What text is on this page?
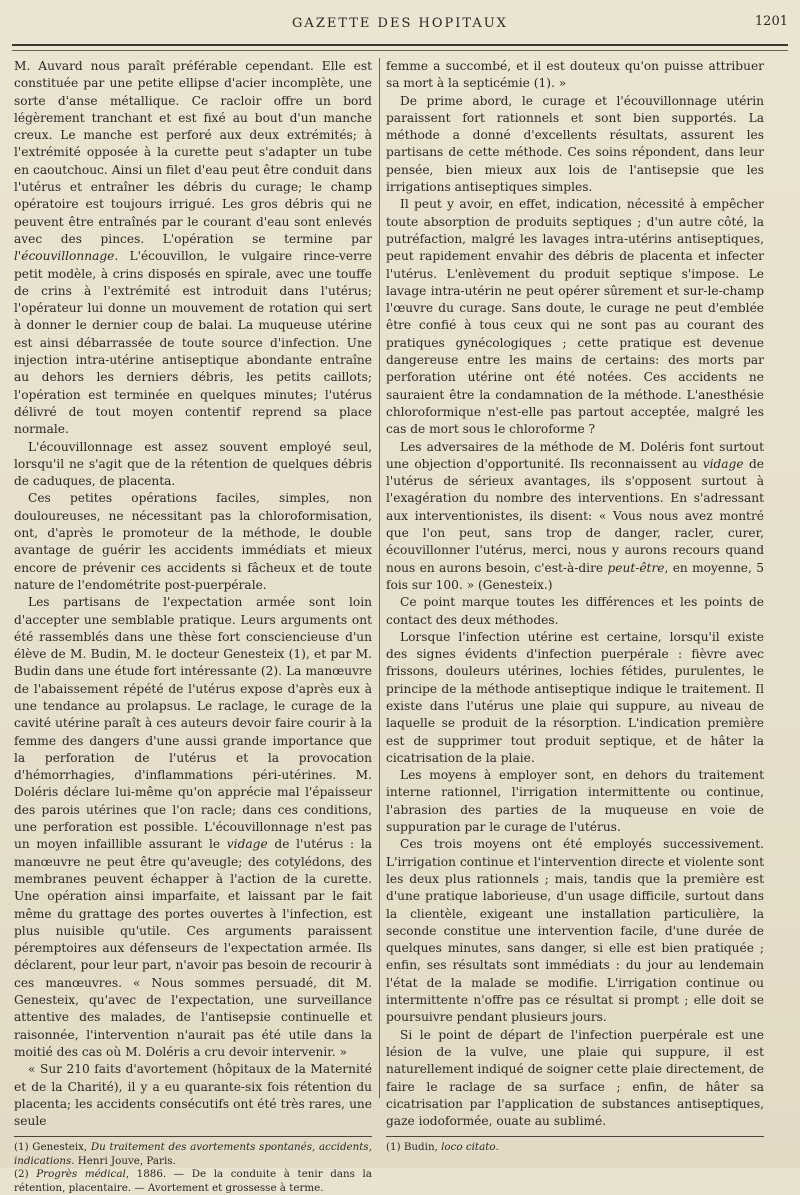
GAZETTE DES HOPITAUX	1201

M. Auvard nous paraît préférable cependant. Elle est constituée par une petite ellipse d'acier incomplète, une sorte d'anse métallique. Ce racloir offre un bord légèrement tranchant et est fixé au bout d'un manche creux. Le manche est perforé aux deux extrémités; à l'extrémité opposée à la curette peut s'adapter un tube en caoutchouc. Ainsi un filet d'eau peut être conduit dans l'utérus et entraîner les débris du curage; le champ opératoire est toujours irrigué. Les gros débris qui ne peuvent être entraînés par le courant d'eau sont enlevés avec des pinces. L'opération se termine par l'écouvillonnage. L'écouvillon, le vulgaire rince-verre petit modèle, à crins disposés en spirale, avec une touffe de crins à l'extrémité est introduit dans l'utérus; l'opérateur lui donne un mouvement de rotation qui sert à donner le dernier coup de balai. La muqueuse utérine est ainsi débarrassée de toute source d'infection. Une injection intra-utérine antiseptique abondante entraîne au dehors les derniers débris, les petits caillots; l'opération est terminée en quelques minutes; l'utérus délivré de tout moyen contentif reprend sa place normale.

L'écouvillonnage est assez souvent employé seul, lorsqu'il ne s'agit que de la rétention de quelques débris de caduques, de placenta.

Ces petites opérations faciles, simples, non douloureuses, ne nécessitant pas la chloroformisation, ont, d'après le promoteur de la méthode, le double avantage de guérir les accidents immédiats et mieux encore de prévenir ces accidents si fâcheux et de toute nature de l'endométrite post-puerpérale.

Les partisans de l'expectation armée sont loin d'accepter une semblable pratique. Leurs arguments ont été rassemblés dans une thèse fort consciencieuse d'un élève de M. Budin, M. le docteur Genesteix (1), et par M. Budin dans une étude fort intéressante (2). La manœuvre de l'abaissement répété de l'utérus expose d'après eux à une tendance au prolapsus. Le raclage, le curage de la cavité utérine paraît à ces auteurs devoir faire courir à la femme des dangers d'une aussi grande importance que la perforation de l'utérus et la provocation d'hémorrhagies, d'inflammations péri-utérines. M. Doléris déclare lui-même qu'on apprécie mal l'épaisseur des parois utérines que l'on racle; dans ces conditions, une perforation est possible. L'écouvillonnage n'est pas un moyen infaillible assurant le vidage de l'utérus : la manœuvre ne peut être qu'aveugle; des cotylédons, des membranes peuvent échapper à l'action de la curette. Une opération ainsi imparfaite, et laissant par le fait même du grattage des portes ouvertes à l'infection, est plus nuisible qu'utile. Ces arguments paraissent péremptoires aux défenseurs de l'expectation armée. Ils déclarent, pour leur part, n'avoir pas besoin de recourir à ces manœuvres. « Nous sommes persuadé, dit M. Genesteix, qu'avec de l'expectation, une surveillance attentive des malades, de l'antisepsie continuelle et raisonnée, l'intervention n'aurait pas été utile dans la moitié des cas où M. Doléris a cru devoir intervenir. »

« Sur 210 faits d'avortement (hôpitaux de la Maternité et de la Charité), il y a eu quarante-six fois rétention du placenta; les accidents consécutifs ont été très rares, une seule

(1) Genesteix, Du traitement des avortements spontanés, accidents, indications. Henri Jouve, Paris.

(2) Progrès médical, 1886. — De la conduite à tenir dans la rétention, placentaire. — Avortement et grossesse à terme.

femme a succombé, et il est douteux qu'on puisse attribuer sa mort à la septicémie (1). »

De prime abord, le curage et l'écouvillonnage utérin paraissent fort rationnels et sont bien supportés. La méthode a donné d'excellents résultats, assurent les partisans de cette méthode. Ces soins répondent, dans leur pensée, bien mieux aux lois de l'antisepsie que les irrigations antiseptiques simples.

Il peut y avoir, en effet, indication, nécessité à empêcher toute absorption de produits septiques ; d'un autre côté, la putréfaction, malgré les lavages intra-utérins antiseptiques, peut rapidement envahir des débris de placenta et infecter l'utérus. L'enlèvement du produit septique s'impose. Le lavage intra-utérin ne peut opérer sûrement et sur-le-champ l'œuvre du curage. Sans doute, le curage ne peut d'emblée être confié à tous ceux qui ne sont pas au courant des pratiques gynécologiques ; cette pratique est devenue dangereuse entre les mains de certains: des morts par perforation utérine ont été notées. Ces accidents ne sauraient être la condamnation de la méthode. L'anesthésie chloroformique n'est-elle pas partout acceptée, malgré les cas de mort sous le chloroforme ?

Les adversaires de la méthode de M. Doléris font surtout une objection d'opportunité. Ils reconnaissent au vidage de l'utérus de sérieux avantages, ils s'opposent surtout à l'exagération du nombre des interventions. En s'adressant aux interventionistes, ils disent: « Vous nous avez montré que l'on peut, sans trop de danger, racler, curer, écouvillonner l'utérus, merci, nous y aurons recours quand nous en aurons besoin, c'est-à-dire peut-être, en moyenne, 5 fois sur 100. » (Genesteix.)

Ce point marque toutes les différences et les points de contact des deux méthodes.

Lorsque l'infection utérine est certaine, lorsqu'il existe des signes évidents d'infection puerpérale : fièvre avec frissons, douleurs utérines, lochies fétides, purulentes, le principe de la méthode antiseptique indique le traitement. Il existe dans l'utérus une plaie qui suppure, au niveau de laquelle se produit de la résorption. L'indication première est de supprimer tout produit septique, et de hâter la cicatrisation de la plaie.

Les moyens à employer sont, en dehors du traitement interne rationnel, l'irrigation intermittente ou continue, l'abrasion des parties de la muqueuse en voie de suppuration par le curage de l'utérus.

Ces trois moyens ont été employés successivement. L'irrigation continue et l'intervention directe et violente sont les deux plus rationnels ; mais, tandis que la première est d'une pratique laborieuse, d'un usage difficile, surtout dans la clientèle, exigeant une installation particulière, la seconde constitue une intervention facile, d'une durée de quelques minutes, sans danger, si elle est bien pratiquée ; enfin, ses résultats sont immédiats : du jour au lendemain l'état de la malade se modifie. L'irrigation continue ou intermittente n'offre pas ce résultat si prompt ; elle doit se poursuivre pendant plusieurs jours.

Si le point de départ de l'infection puerpérale est une lésion de la vulve, une plaie qui suppure, il est naturellement indiqué de soigner cette plaie directement, de faire le raclage de sa surface ; enfin, de hâter sa cicatrisation par l'application de substances antiseptiques, gaze iodoformée, ouate au sublimé.

(1) Budin, loco citato.
